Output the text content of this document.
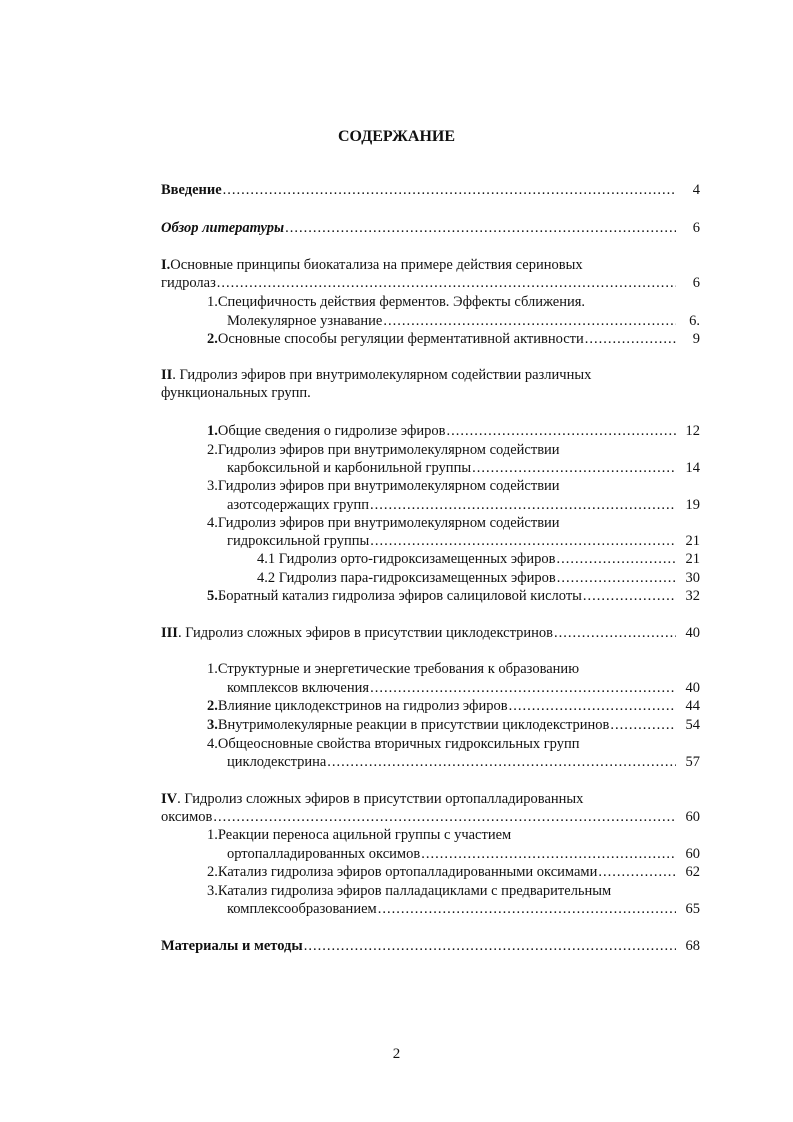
СОДЕРЖАНИЕ
Введение .....	4
Обзор литературы .....	6
I.Основные принципы биокатализа на примере действия сериновых
гидролаз .....	6
1.Специфичность действия ферментов. Эффекты сближения.
Молекулярное узнавание .....	6.
2. Основные способы регуляции ферментативной активности .....	9
II. Гидролиз эфиров при внутримолекулярном содействии различных
функциональных групп.
1. Общие сведения о гидролизе эфиров .....	12
2.Гидролиз эфиров при внутримолекулярном содействии
карбоксильной и карбонильной группы .....	14
3.Гидролиз эфиров при внутримолекулярном содействии
азотсодержащих групп .....	19
4.Гидролиз эфиров при внутримолекулярном содействии
гидроксильной группы .....	21
4.1 Гидролиз орто-гидроксизамещенных эфиров .....	21
4.2 Гидролиз пара-гидроксизамещенных эфиров .....	30
5. Боратный катализ гидролиза эфиров салициловой кислоты .....	32
III. Гидролиз сложных эфиров в присутствии циклодекстринов .....	40
1.Структурные и энергетические требования к образованию
комплексов включения .....	40
2. Влияние циклодекстринов на гидролиз эфиров .....	44
3. Внутримолекулярные реакции в присутствии циклодекстринов .....	54
4.Общеосновные свойства вторичных гидроксильных групп
циклодекстрина .....	57
IV. Гидролиз сложных эфиров в присутствии ортопалладированных
оксимов .....	60
1.Реакции переноса ацильной группы с участием
ортопалладированных оксимов .....	60
2. Катализ гидролиза эфиров ортопалладированными оксимами .....	62
3.Катализ гидролиза эфиров палладациклами с предварительным
комплексообразованием .....	65
Материалы и методы .....	68
2
